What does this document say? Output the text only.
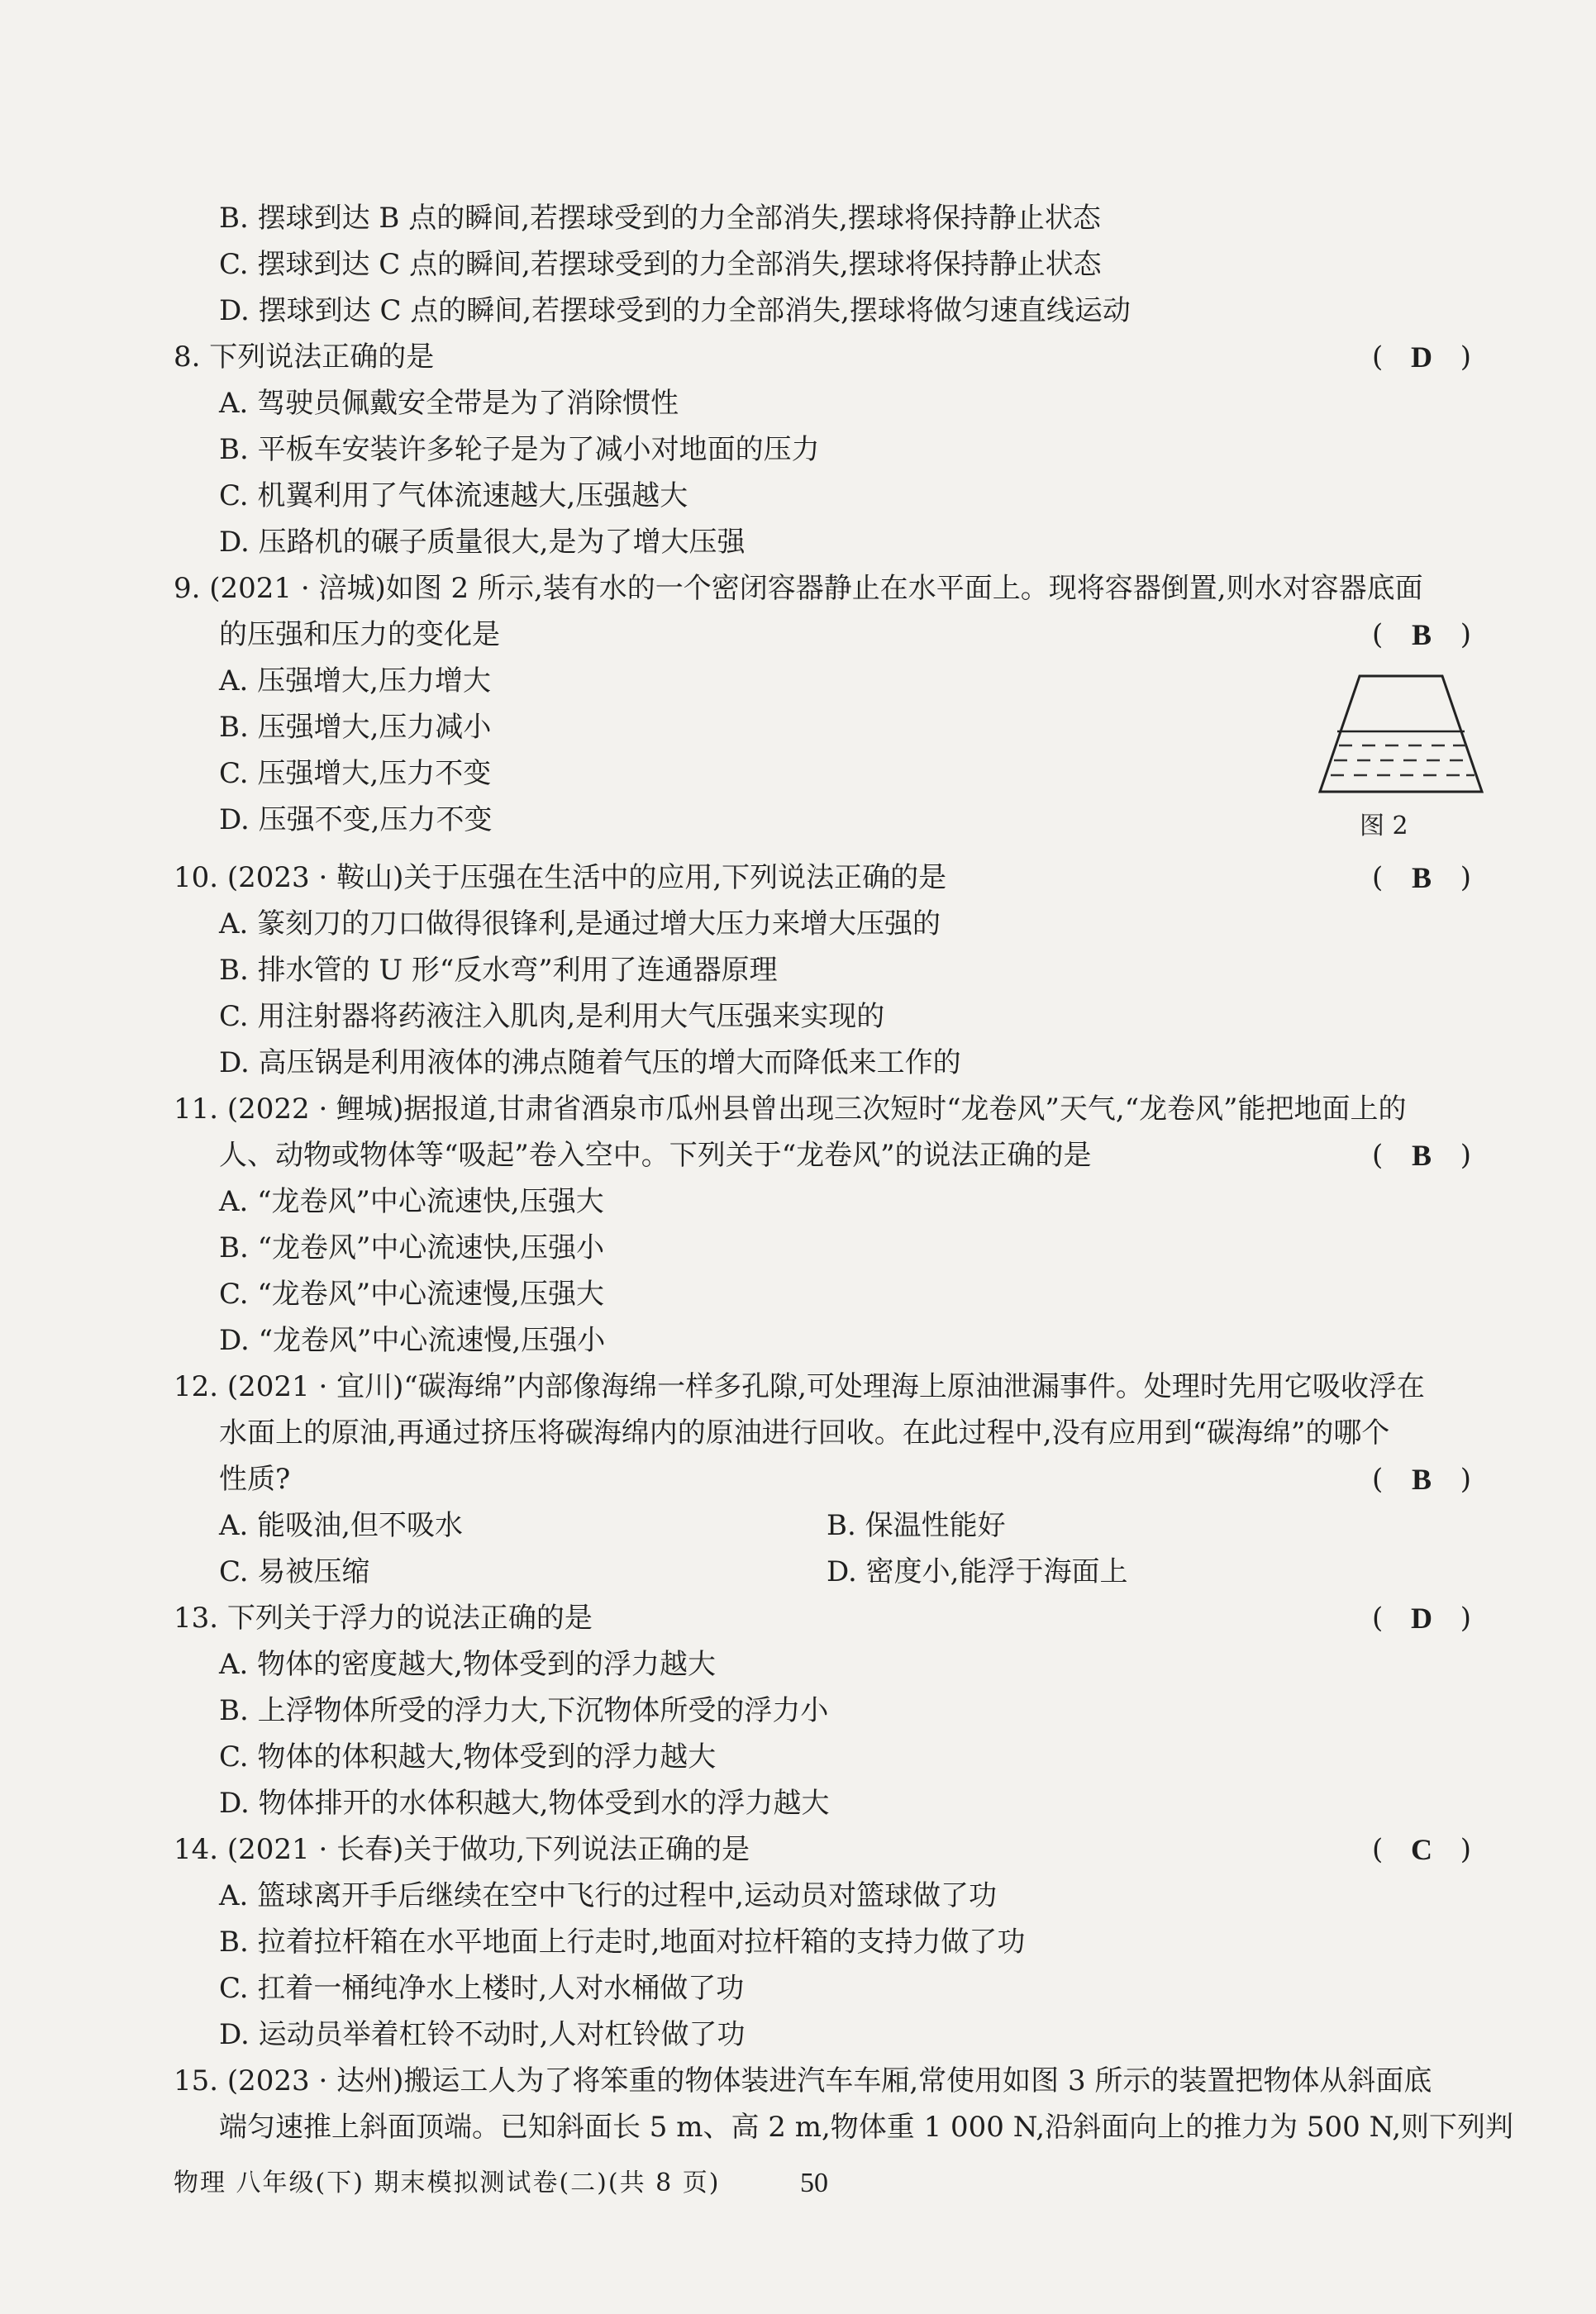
B. 摆球到达 B 点的瞬间,若摆球受到的力全部消失,摆球将保持静止状态
C. 摆球到达 C 点的瞬间,若摆球受到的力全部消失,摆球将保持静止状态
D. 摆球到达 C 点的瞬间,若摆球受到的力全部消失,摆球将做匀速直线运动
8. 下列说法正确的是	( D )
A. 驾驶员佩戴安全带是为了消除惯性
B. 平板车安装许多轮子是为了减小对地面的压力
C. 机翼利用了气体流速越大,压强越大
D. 压路机的碾子质量很大,是为了增大压强
9. (2021 · 涪城)如图 2 所示,装有水的一个密闭容器静止在水平面上。现将容器倒置,则水对容器底面
的压强和压力的变化是	( B )
A. 压强增大,压力增大
B. 压强增大,压力减小
C. 压强增大,压力不变
D. 压强不变,压力不变	图 2
10. (2023 · 鞍山)关于压强在生活中的应用,下列说法正确的是	( B )
A. 篆刻刀的刀口做得很锋利,是通过增大压力来增大压强的
B. 排水管的 U 形“反水弯”利用了连通器原理
C. 用注射器将药液注入肌肉,是利用大气压强来实现的
D. 高压锅是利用液体的沸点随着气压的增大而降低来工作的
11. (2022 · 鲤城)据报道,甘肃省酒泉市瓜州县曾出现三次短时“龙卷风”天气,“龙卷风”能把地面上的
人、动物或物体等“吸起”卷入空中。下列关于“龙卷风”的说法正确的是	( B )
A. “龙卷风”中心流速快,压强大
B. “龙卷风”中心流速快,压强小
C. “龙卷风”中心流速慢,压强大
D. “龙卷风”中心流速慢,压强小
12. (2021 · 宜川)“碳海绵”内部像海绵一样多孔隙,可处理海上原油泄漏事件。处理时先用它吸收浮在
水面上的原油,再通过挤压将碳海绵内的原油进行回收。在此过程中,没有应用到“碳海绵”的哪个
性质?	( B )
A. 能吸油,但不吸水	B. 保温性能好
C. 易被压缩	D. 密度小,能浮于海面上
13. 下列关于浮力的说法正确的是	( D )
A. 物体的密度越大,物体受到的浮力越大
B. 上浮物体所受的浮力大,下沉物体所受的浮力小
C. 物体的体积越大,物体受到的浮力越大
D. 物体排开的水体积越大,物体受到水的浮力越大
14. (2021 · 长春)关于做功,下列说法正确的是	( C )
A. 篮球离开手后继续在空中飞行的过程中,运动员对篮球做了功
B. 拉着拉杆箱在水平地面上行走时,地面对拉杆箱的支持力做了功
C. 扛着一桶纯净水上楼时,人对水桶做了功
D. 运动员举着杠铃不动时,人对杠铃做了功
15. (2023 · 达州)搬运工人为了将笨重的物体装进汽车车厢,常使用如图 3 所示的装置把物体从斜面底
端匀速推上斜面顶端。已知斜面长 5 m、高 2 m,物体重 1 000 N,沿斜面向上的推力为 500 N,则下列判
物理 八年级(下) 期末模拟测试卷(二)(共 8 页)	50
